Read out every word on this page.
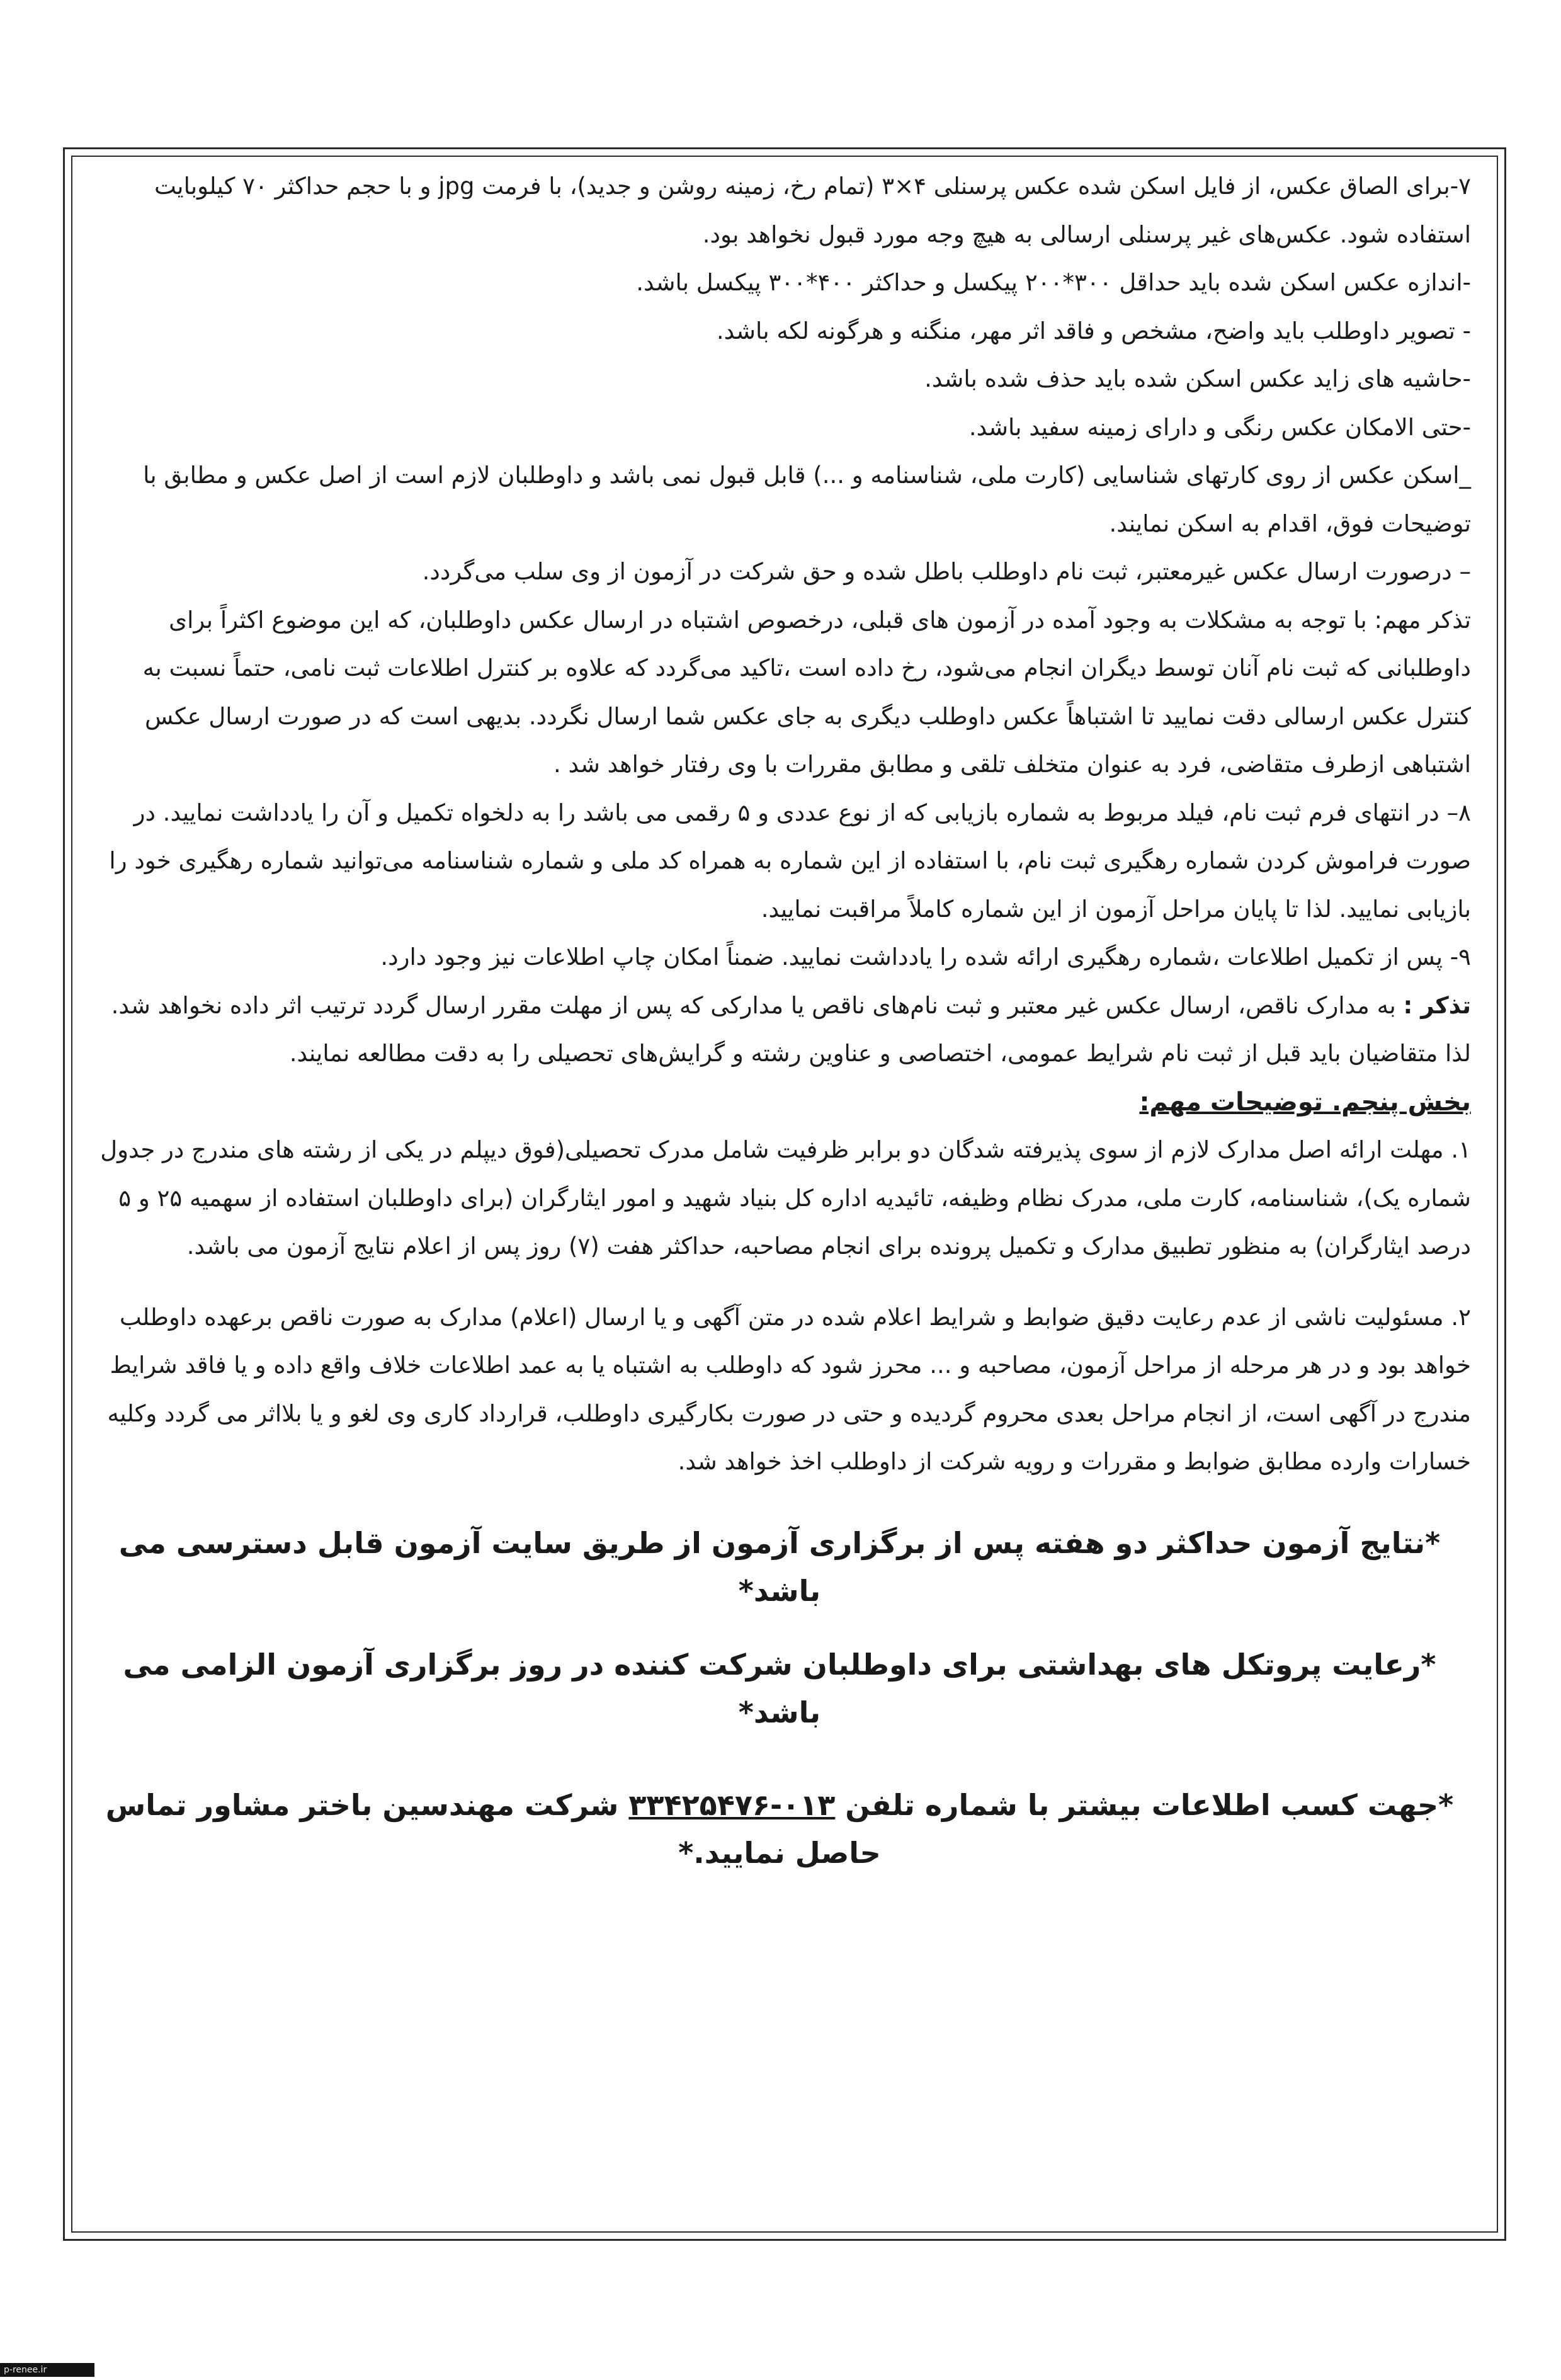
۷-برای الصاق عکس، از فایل اسکن شده عکس پرسنلی ۴×۳ (تمام رخ، زمینه روشن و جدید)، با فرمت jpg و با حجم حداکثر ۷۰ کیلوبایت استفاده شود. عکس‌های غیر پرسنلی ارسالی به هیچ وجه مورد قبول نخواهد بود.

-اندازه عکس اسکن شده باید حداقل ۳۰۰*۲۰۰ پیکسل و حداکثر ۴۰۰*۳۰۰ پیکسل باشد.

- تصویر داوطلب باید واضح، مشخص و فاقد اثر مهر، منگنه و هرگونه لکه باشد.

-حاشیه های زاید عکس اسکن شده باید حذف شده باشد.

-حتی الامکان عکس رنگی و دارای زمینه سفید باشد.

_اسکن عکس از روی کارتهای شناسایی (کارت ملی، شناسنامه و ...) قابل قبول نمی باشد و داوطلبان لازم است از اصل عکس و مطابق با توضیحات فوق، اقدام به اسکن نمایند.

– درصورت ارسال عکس غیرمعتبر، ثبت نام داوطلب باطل شده و حق شرکت در آزمون از وی سلب می‌گردد.

تذکر مهم: با توجه به مشکلات به وجود آمده در آزمون های قبلی، درخصوص اشتباه در ارسال عکس داوطلبان، که این موضوع اکثراً برای داوطلبانی که ثبت نام آنان توسط دیگران انجام می‌شود، رخ داده است ،تاکید می‌گردد که علاوه بر کنترل اطلاعات ثبت نامی، حتماً نسبت به کنترل عکس ارسالی دقت نمایید تا اشتباهاً عکس داوطلب دیگری به جای عکس شما ارسال نگردد. بدیهی است که در صورت ارسال عکس اشتباهی ازطرف متقاضی، فرد به عنوان متخلف تلقی و مطابق مقررات با وی رفتار خواهد شد .

۸– در انتهای فرم ثبت نام، فیلد مربوط به شماره بازیابی که از نوع عددی و ۵ رقمی می باشد را به دلخواه تکمیل و آن را یادداشت نمایید. در صورت فراموش کردن شماره رهگیری ثبت نام، با استفاده از این شماره به همراه کد ملی و شماره شناسنامه می‌توانید شماره رهگیری خود را بازیابی نمایید. لذا تا پایان مراحل آزمون از این شماره کاملاً مراقبت نمایید.

۹- پس از تکمیل اطلاعات ،شماره رهگیری ارائه شده را یادداشت نمایید. ضمناً امکان چاپ اطلاعات نیز وجود دارد.

تذکر : به مدارک ناقص، ارسال عکس غیر معتبر و ثبت نام‌های ناقص یا مدارکی که پس از مهلت مقرر ارسال گردد ترتیب اثر داده نخواهد شد. لذا متقاضیان باید قبل از ثبت نام شرایط عمومی، اختصاصی و عناوین رشته و گرایش‌های تحصیلی را به دقت مطالعه نمایند.

بخش پنجم. توضیحات مهم:

۱. مهلت ارائه اصل مدارک لازم از سوی پذیرفته شدگان دو برابر ظرفیت شامل مدرک تحصیلی(فوق دیپلم در یکی از رشته های مندرج در جدول شماره یک)، شناسنامه، کارت ملی، مدرک نظام وظیفه، تائیدیه اداره کل بنیاد شهید و امور ایثارگران (برای داوطلبان استفاده از سهمیه ۲۵ و ۵ درصد ایثارگران) به منظور تطبیق مدارک و تکمیل پرونده برای انجام مصاحبه، حداکثر هفت (۷) روز پس از اعلام نتایج آزمون می باشد.

۲. مسئولیت ناشی از عدم رعایت دقیق ضوابط و شرایط اعلام شده در متن آگهی و یا ارسال (اعلام) مدارک به صورت ناقص برعهده داوطلب خواهد بود و در هر مرحله از مراحل آزمون، مصاحبه و ... محرز شود که داوطلب به اشتباه یا به عمد اطلاعات خلاف واقع داده و یا فاقد شرایط مندرج در آگهی است، از انجام مراحل بعدی محروم گردیده و حتی در صورت بکارگیری داوطلب، قرارداد کاری وی لغو و یا بلااثر می گردد وکلیه خسارات وارده مطابق ضوابط و مقررات و رویه شرکت از داوطلب اخذ خواهد شد.

*نتایج آزمون حداکثر دو هفته پس از برگزاری آزمون از طریق سایت آزمون قابل دسترسی می باشد*

*رعایت پروتکل های بهداشتی برای داوطلبان شرکت کننده در روز برگزاری آزمون الزامی می باشد*

*جهت کسب اطلاعات بیشتر با شماره تلفن ۳۳۴۲۵۴۷۶-۰۱۳ شرکت مهندسین باختر مشاور تماس حاصل نمایید.*

p-renee.ir
